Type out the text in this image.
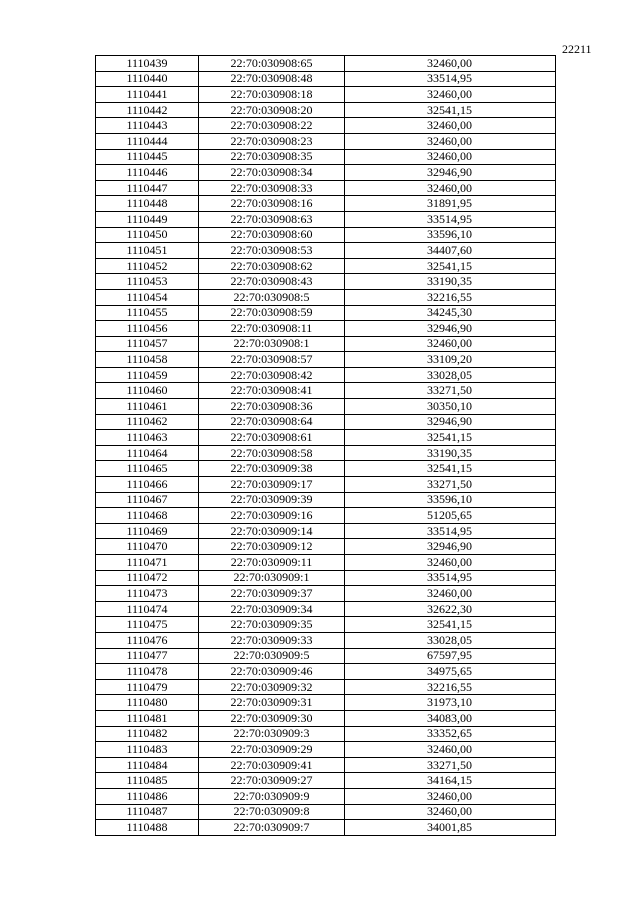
22211
1110439	22:70:030908:65	32460,00
1110440	22:70:030908:48	33514,95
1110441	22:70:030908:18	32460,00
1110442	22:70:030908:20	32541,15
1110443	22:70:030908:22	32460,00
1110444	22:70:030908:23	32460,00
1110445	22:70:030908:35	32460,00
1110446	22:70:030908:34	32946,90
1110447	22:70:030908:33	32460,00
1110448	22:70:030908:16	31891,95
1110449	22:70:030908:63	33514,95
1110450	22:70:030908:60	33596,10
1110451	22:70:030908:53	34407,60
1110452	22:70:030908:62	32541,15
1110453	22:70:030908:43	33190,35
1110454	22:70:030908:5	32216,55
1110455	22:70:030908:59	34245,30
1110456	22:70:030908:11	32946,90
1110457	22:70:030908:1	32460,00
1110458	22:70:030908:57	33109,20
1110459	22:70:030908:42	33028,05
1110460	22:70:030908:41	33271,50
1110461	22:70:030908:36	30350,10
1110462	22:70:030908:64	32946,90
1110463	22:70:030908:61	32541,15
1110464	22:70:030908:58	33190,35
1110465	22:70:030909:38	32541,15
1110466	22:70:030909:17	33271,50
1110467	22:70:030909:39	33596,10
1110468	22:70:030909:16	51205,65
1110469	22:70:030909:14	33514,95
1110470	22:70:030909:12	32946,90
1110471	22:70:030909:11	32460,00
1110472	22:70:030909:1	33514,95
1110473	22:70:030909:37	32460,00
1110474	22:70:030909:34	32622,30
1110475	22:70:030909:35	32541,15
1110476	22:70:030909:33	33028,05
1110477	22:70:030909:5	67597,95
1110478	22:70:030909:46	34975,65
1110479	22:70:030909:32	32216,55
1110480	22:70:030909:31	31973,10
1110481	22:70:030909:30	34083,00
1110482	22:70:030909:3	33352,65
1110483	22:70:030909:29	32460,00
1110484	22:70:030909:41	33271,50
1110485	22:70:030909:27	34164,15
1110486	22:70:030909:9	32460,00
1110487	22:70:030909:8	32460,00
1110488	22:70:030909:7	34001,85
